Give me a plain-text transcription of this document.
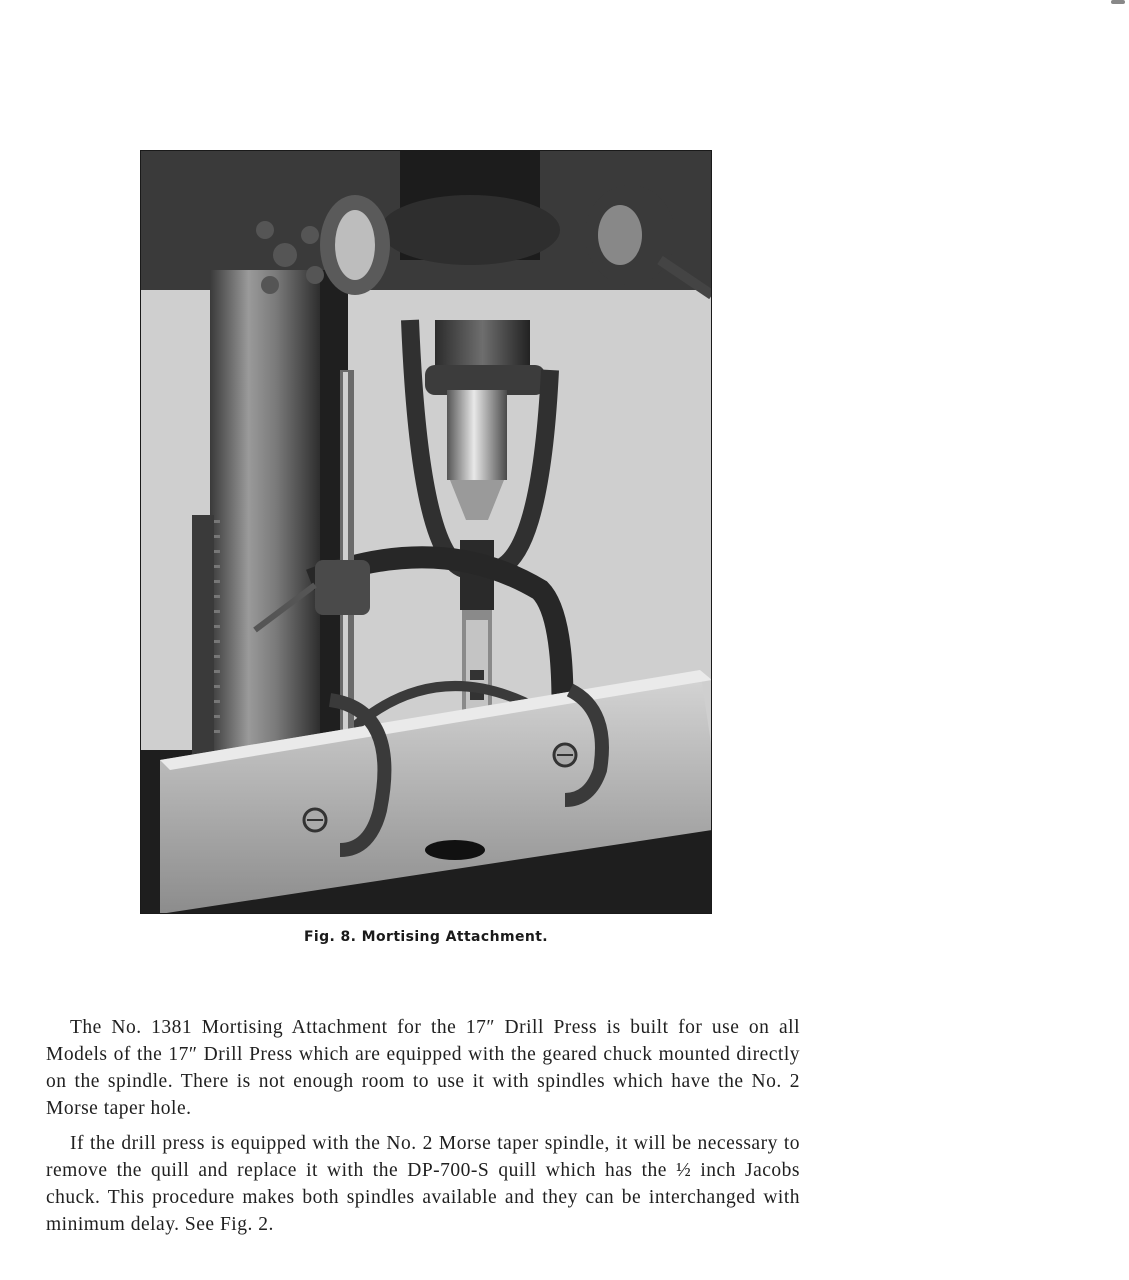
Fig. 8. Mortising Attachment.

The No. 1381 Mortising Attachment for the 17″ Drill Press is built for use on all Models of the 17″ Drill Press which are equipped with the geared chuck mounted directly on the spindle. There is not enough room to use it with spindles which have the No. 2 Morse taper hole.

If the drill press is equipped with the No. 2 Morse taper spindle, it will be necessary to remove the quill and replace it with the DP-700-S quill which has the ½ inch Jacobs chuck. This procedure makes both spindles available and they can be interchanged with minimum delay. See Fig. 2.
